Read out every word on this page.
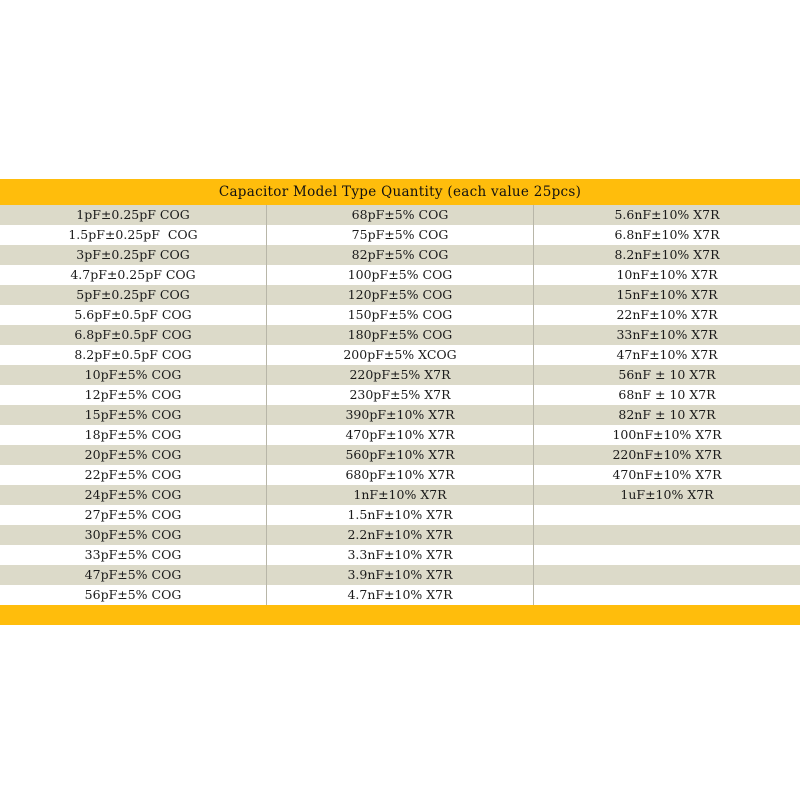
Capacitor Model Type Quantity (each value 25pcs)
1pF±0.25pF COG	68pF±5% COG	5.6nF±10% X7R
1.5pF±0.25pF  COG	75pF±5% COG	6.8nF±10% X7R
3pF±0.25pF COG	82pF±5% COG	8.2nF±10% X7R
4.7pF±0.25pF COG	100pF±5% COG	10nF±10% X7R
5pF±0.25pF COG	120pF±5% COG	15nF±10% X7R
5.6pF±0.5pF COG	150pF±5% COG	22nF±10% X7R
6.8pF±0.5pF COG	180pF±5% COG	33nF±10% X7R
8.2pF±0.5pF COG	200pF±5% XCOG	47nF±10% X7R
10pF±5% COG	220pF±5% X7R	56nF ± 10 X7R
12pF±5% COG	230pF±5% X7R	68nF ± 10 X7R
15pF±5% COG	390pF±10% X7R	82nF ± 10 X7R
18pF±5% COG	470pF±10% X7R	100nF±10% X7R
20pF±5% COG	560pF±10% X7R	220nF±10% X7R
22pF±5% COG	680pF±10% X7R	470nF±10% X7R
24pF±5% COG	1nF±10% X7R	1uF±10% X7R
27pF±5% COG	1.5nF±10% X7R
30pF±5% COG	2.2nF±10% X7R
33pF±5% COG	3.3nF±10% X7R
47pF±5% COG	3.9nF±10% X7R
56pF±5% COG	4.7nF±10% X7R
